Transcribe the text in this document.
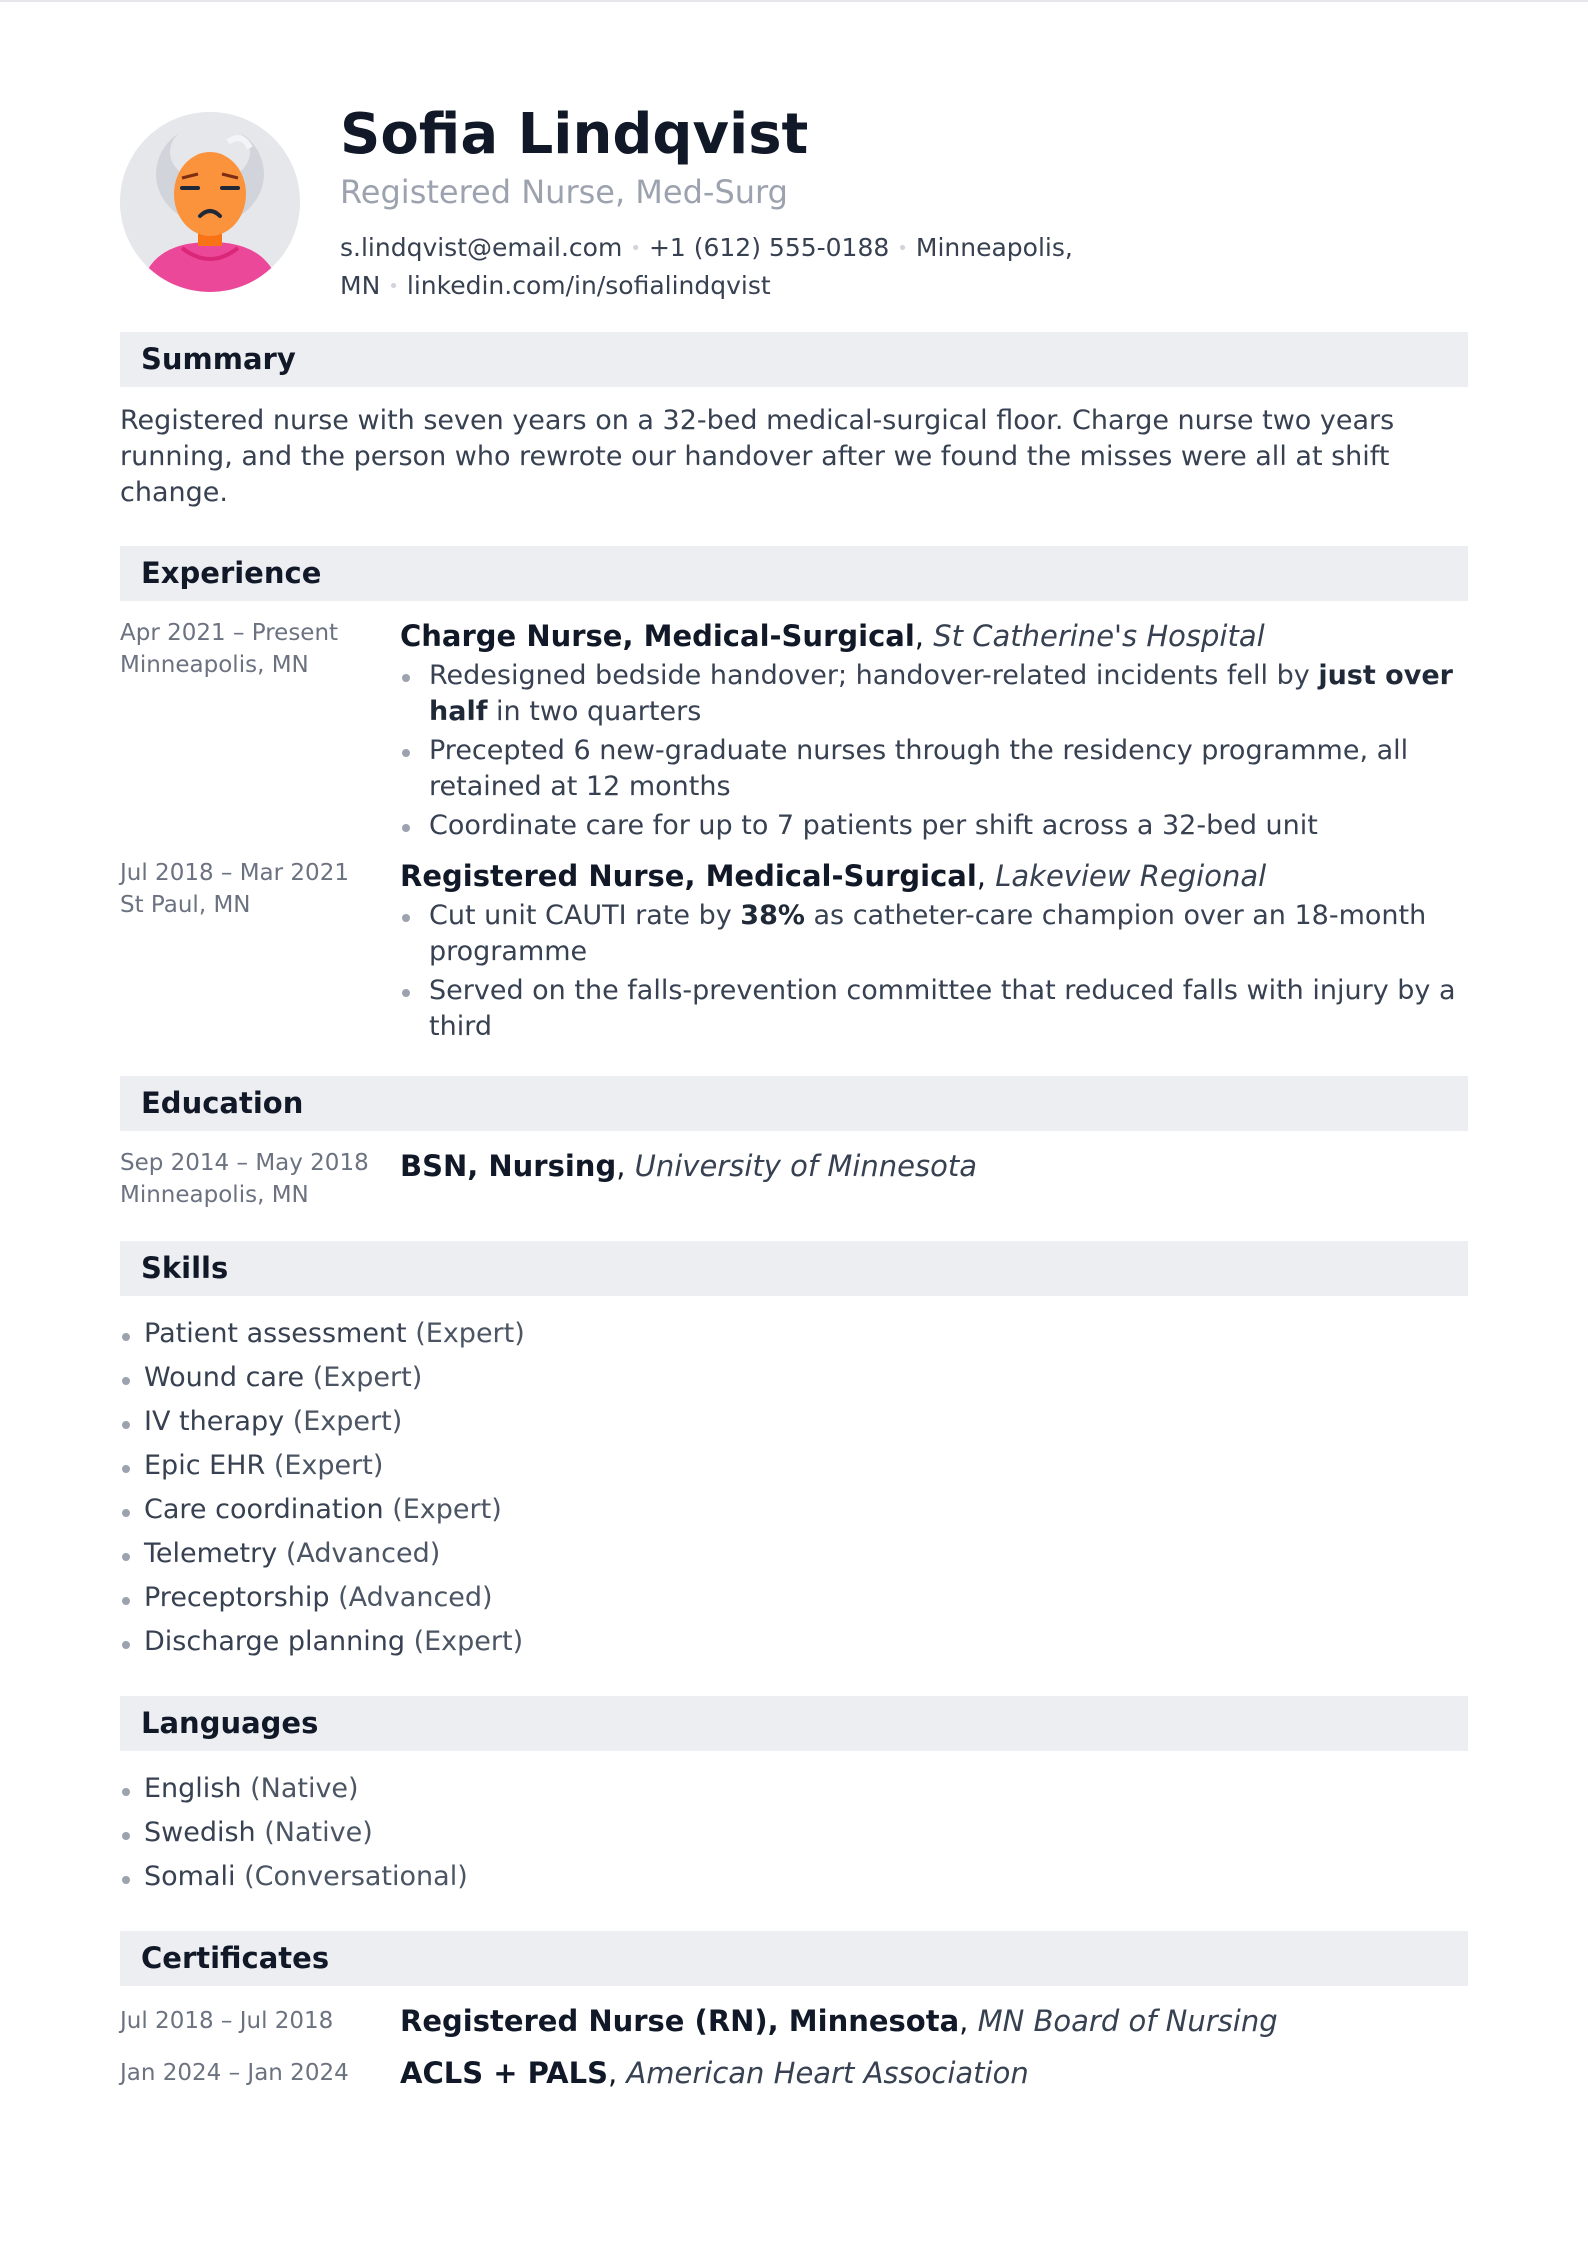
Sofia Lindqvist
Registered Nurse, Med-Surg
s.lindqvist@email.com • +1 (612) 555-0188 • Minneapolis, MN • linkedin.com/in/sofialindqvist
Summary

Registered nurse with seven years on a 32-bed medical-surgical floor. Charge nurse two years running, and the person who rewrote our handover after we found the misses were all at shift change.

Experience
Apr 2021 – Present
Minneapolis, MN
Charge Nurse, Medical-Surgical, St Catherine's Hospital
Redesigned bedside handover; handover-related incidents fell by just over half in two quarters
Precepted 6 new-graduate nurses through the residency programme, all retained at 12 months
Coordinate care for up to 7 patients per shift across a 32-bed unit
Jul 2018 – Mar 2021
St Paul, MN
Registered Nurse, Medical-Surgical, Lakeview Regional
Cut unit CAUTI rate by 38% as catheter-care champion over an 18-month programme
Served on the falls-prevention committee that reduced falls with injury by a third
Education
Sep 2014 – May 2018
Minneapolis, MN
BSN, Nursing, University of Minnesota
Skills
Patient assessment (Expert)
Wound care (Expert)
IV therapy (Expert)
Epic EHR (Expert)
Care coordination (Expert)
Telemetry (Advanced)
Preceptorship (Advanced)
Discharge planning (Expert)
Languages
English (Native)
Swedish (Native)
Somali (Conversational)
Certificates
Jul 2018 – Jul 2018	Registered Nurse (RN), Minnesota, MN Board of Nursing
Jan 2024 – Jan 2024	ACLS + PALS, American Heart Association
